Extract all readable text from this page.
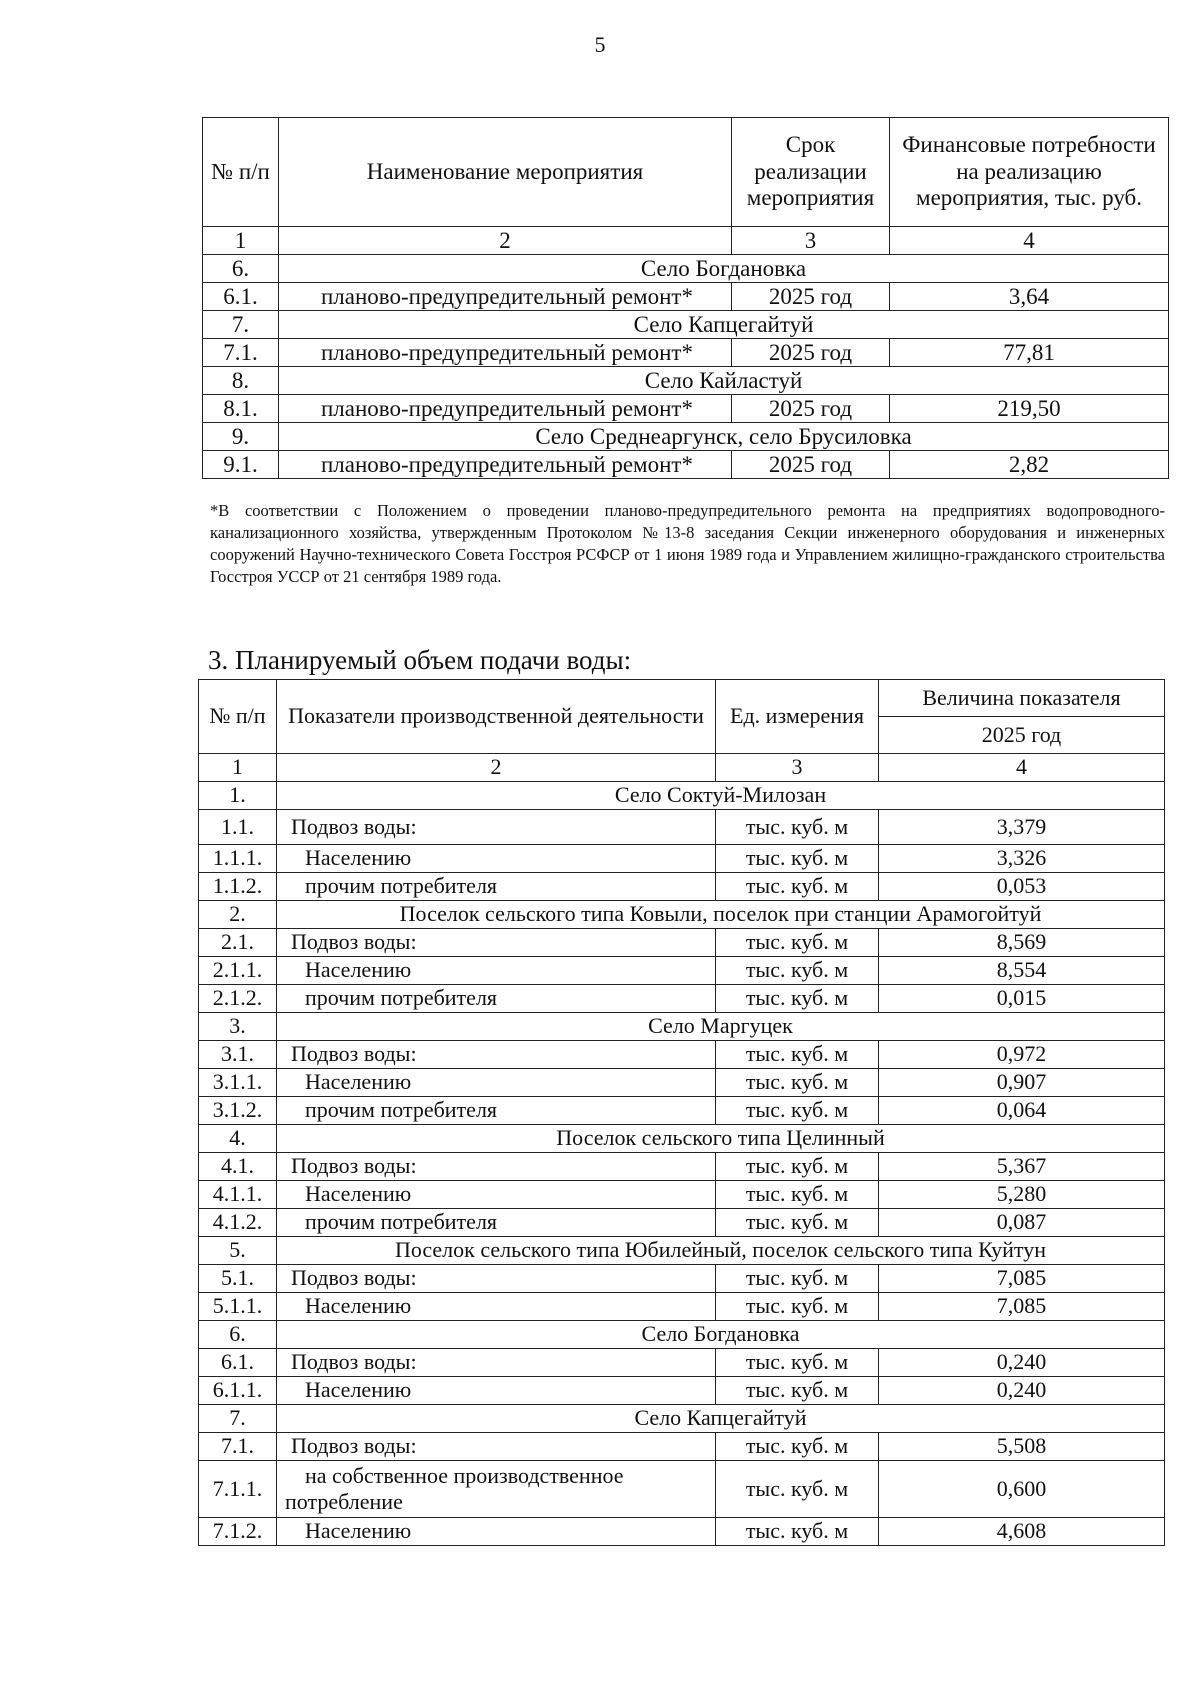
5
№ п/п	Наименование мероприятия	Срок реализации мероприятия	Финансовые потребности на реализацию мероприятия, тыс. руб.
1	2	3	4
6.	Село Богдановка		
6.1.	планово-предупредительный ремонт*	2025 год	3,64
7.	Село Капцегайтуй		
7.1.	планово-предупредительный ремонт*	2025 год	77,81
8.	Село Кайластуй		
8.1.	планово-предупредительный ремонт*	2025 год	219,50
9.	Село Среднеаргунск, село Брусиловка		
9.1.	планово-предупредительный ремонт*	2025 год	2,82
*В соответствии с Положением о проведении планово-предупредительного ремонта на предприятиях водопроводного-канализационного хозяйства, утвержденным Протоколом №13-8 заседания Секции инженерного оборудования и инженерных сооружений Научно-технического Совета Госстроя РСФСР от 1 июня 1989 года и Управлением жилищно-гражданского строительства Госстроя УССР от 21 сентября 1989 года.
3. Планируемый объем подачи воды:
№ п/п	Показатели производственной деятельности	Ед. измерения	Величина показателя
			2025 год
1	2	3	4
1.	Село Соктуй-Милозан		
1.1.	Подвоз воды:	тыс. куб. м	3,379
1.1.1.	Населению	тыс. куб. м	3,326
1.1.2.	прочим потребителя	тыс. куб. м	0,053
2.	Поселок сельского типа Ковыли, поселок при станции Арамогойтуй		
2.1.	Подвоз воды:	тыс. куб. м	8,569
2.1.1.	Населению	тыс. куб. м	8,554
2.1.2.	прочим потребителя	тыс. куб. м	0,015
3.	Село Маргуцек		
3.1.	Подвоз воды:	тыс. куб. м	0,972
3.1.1.	Населению	тыс. куб. м	0,907
3.1.2.	прочим потребителя	тыс. куб. м	0,064
4.	Поселок сельского типа Целинный		
4.1.	Подвоз воды:	тыс. куб. м	5,367
4.1.1.	Населению	тыс. куб. м	5,280
4.1.2.	прочим потребителя	тыс. куб. м	0,087
5.	Поселок сельского типа Юбилейный, поселок сельского типа Куйтун		
5.1.	Подвоз воды:	тыс. куб. м	7,085
5.1.1.	Населению	тыс. куб. м	7,085
6.	Село Богдановка		
6.1.	Подвоз воды:	тыс. куб. м	0,240
6.1.1.	Населению	тыс. куб. м	0,240
7.	Село Капцегайтуй		
7.1.	Подвоз воды:	тыс. куб. м	5,508
7.1.1.	на собственное производственное потребление	тыс. куб. м	0,600
7.1.2.	Населению	тыс. куб. м	4,608
